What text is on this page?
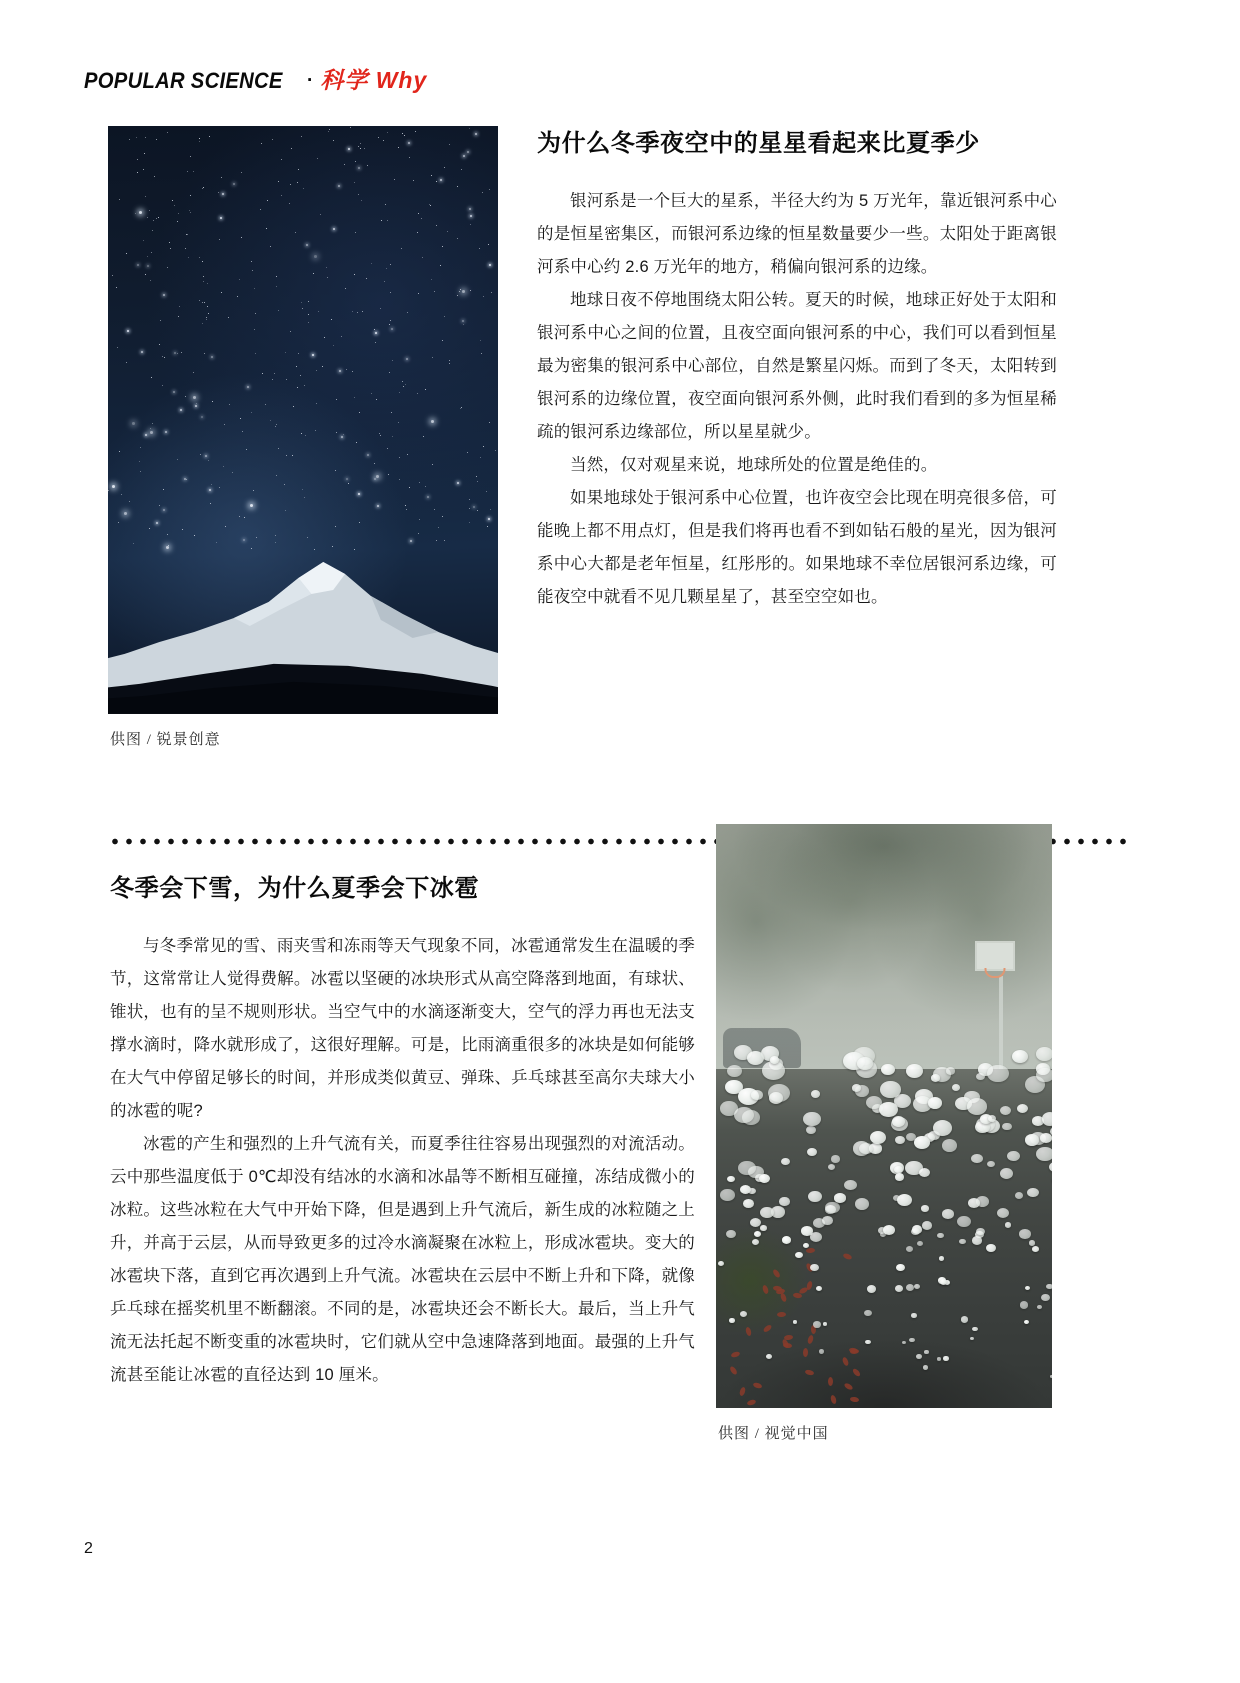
POPULAR SCIENCE · 科学 Why
供图 / 锐景创意
为什么冬季夜空中的星星看起来比夏季少

银河系是一个巨大的星系，半径大约为 5 万光年，靠近银河系中心的是恒星密集区，而银河系边缘的恒星数量要少一些。太阳处于距离银河系中心约 2.6 万光年的地方，稍偏向银河系的边缘。

地球日夜不停地围绕太阳公转。夏天的时候，地球正好处于太阳和银河系中心之间的位置，且夜空面向银河系的中心，我们可以看到恒星最为密集的银河系中心部位，自然是繁星闪烁。而到了冬天，太阳转到银河系的边缘位置，夜空面向银河系外侧，此时我们看到的多为恒星稀疏的银河系边缘部位，所以星星就少。

当然，仅对观星来说，地球所处的位置是绝佳的。

如果地球处于银河系中心位置，也许夜空会比现在明亮很多倍，可能晚上都不用点灯，但是我们将再也看不到如钻石般的星光，因为银河系中心大都是老年恒星，红彤彤的。如果地球不幸位居银河系边缘，可能夜空中就看不见几颗星星了，甚至空空如也。

冬季会下雪，为什么夏季会下冰雹

与冬季常见的雪、雨夹雪和冻雨等天气现象不同，冰雹通常发生在温暖的季节，这常常让人觉得费解。冰雹以坚硬的冰块形式从高空降落到地面，有球状、锥状，也有的呈不规则形状。当空气中的水滴逐渐变大，空气的浮力再也无法支撑水滴时，降水就形成了，这很好理解。可是，比雨滴重很多的冰块是如何能够在大气中停留足够长的时间，并形成类似黄豆、弹珠、乒乓球甚至高尔夫球大小的冰雹的呢?

冰雹的产生和强烈的上升气流有关，而夏季往往容易出现强烈的对流活动。云中那些温度低于 0℃却没有结冰的水滴和冰晶等不断相互碰撞，冻结成微小的冰粒。这些冰粒在大气中开始下降，但是遇到上升气流后，新生成的冰粒随之上升，并高于云层，从而导致更多的过冷水滴凝聚在冰粒上，形成冰雹块。变大的冰雹块下落，直到它再次遇到上升气流。冰雹块在云层中不断上升和下降，就像乒乓球在摇奖机里不断翻滚。不同的是，冰雹块还会不断长大。最后，当上升气流无法托起不断变重的冰雹块时，它们就从空中急速降落到地面。最强的上升气流甚至能让冰雹的直径达到 10 厘米。

供图 / 视觉中国
2
